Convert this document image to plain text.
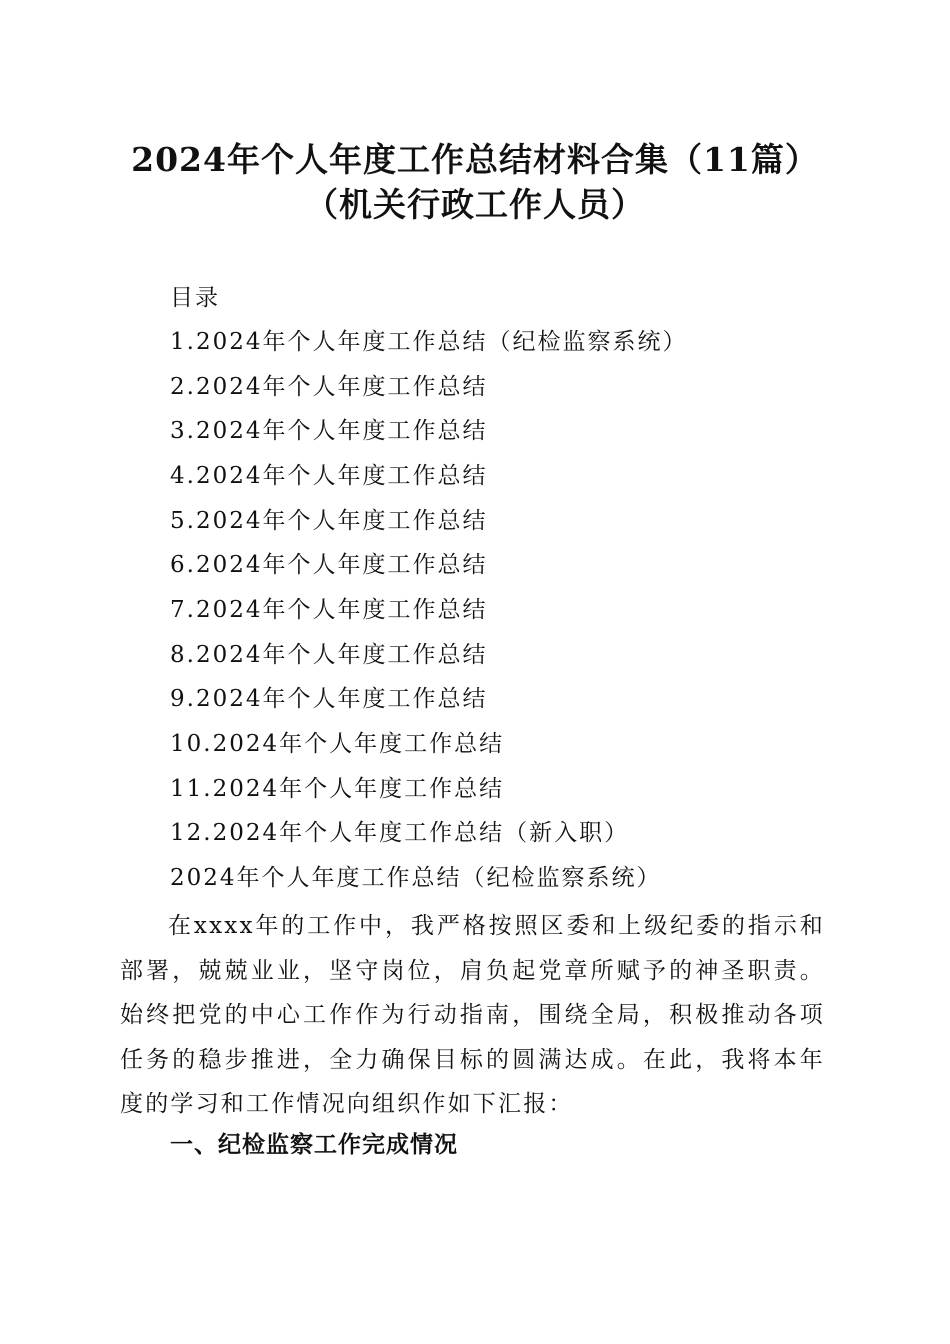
2024年个人年度工作总结材料合集（11篇）
（机关行政工作人员）
目录
1.2024年个人年度工作总结（纪检监察系统）
2.2024年个人年度工作总结
3.2024年个人年度工作总结
4.2024年个人年度工作总结
5.2024年个人年度工作总结
6.2024年个人年度工作总结
7.2024年个人年度工作总结
8.2024年个人年度工作总结
9.2024年个人年度工作总结
10.2024年个人年度工作总结
11.2024年个人年度工作总结
12.2024年个人年度工作总结（新入职）
2024年个人年度工作总结（纪检监察系统）

在xxxx年的工作中，我严格按照区委和上级纪委的指示和部署，兢兢业业，坚守岗位，肩负起党章所赋予的神圣职责。始终把党的中心工作作为行动指南，围绕全局，积极推动各项任务的稳步推进，全力确保目标的圆满达成。在此，我将本年度的学习和工作情况向组织作如下汇报：

一、纪检监察工作完成情况
